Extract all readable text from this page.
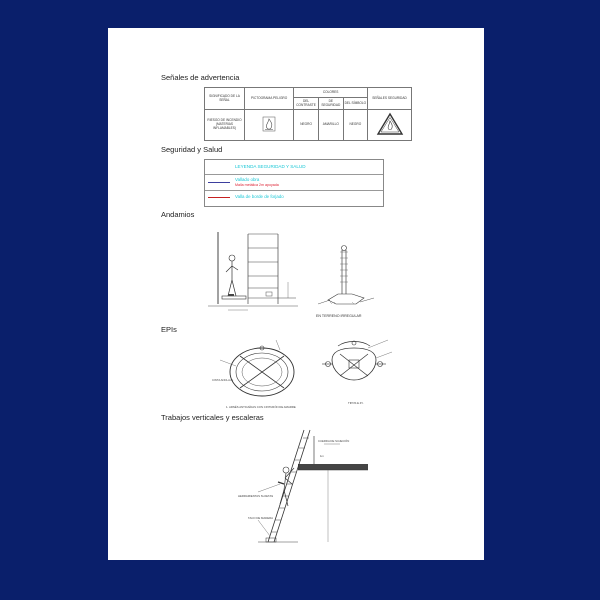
Señales de advertencia
SIGNIFICADO DE LA SEÑAL	PICTOGRAMA PELIGRO	COLORES			SEÑALES SEGURIDAD
		DEL CONTRASTE	DE SEGURIDAD	DEL SÍMBOLO	
RIESGO DE INCENDIO (MATERIAS INFLAMABLES)		NEGRO	AMARILLO	NEGRO	
Seguridad y Salud
LEYENDA SEGURIDAD Y SALUD
Vallado obra
Malla metálica 2m apoyada
Valla de borde de forjado
Andamios
EN TERRENO IRREGULAR
EPIs
CINTA ANCLAJE
1. ARNÉS ANTICAÍDAS CON CINTURÓN DE AMARRE
TIPOS E.P.I.
Trabajos verticales y escaleras
CUERDA DE SUJECIÓN
HERRAMIENTAS SUJETAS
TACO DE MADERA
1m
